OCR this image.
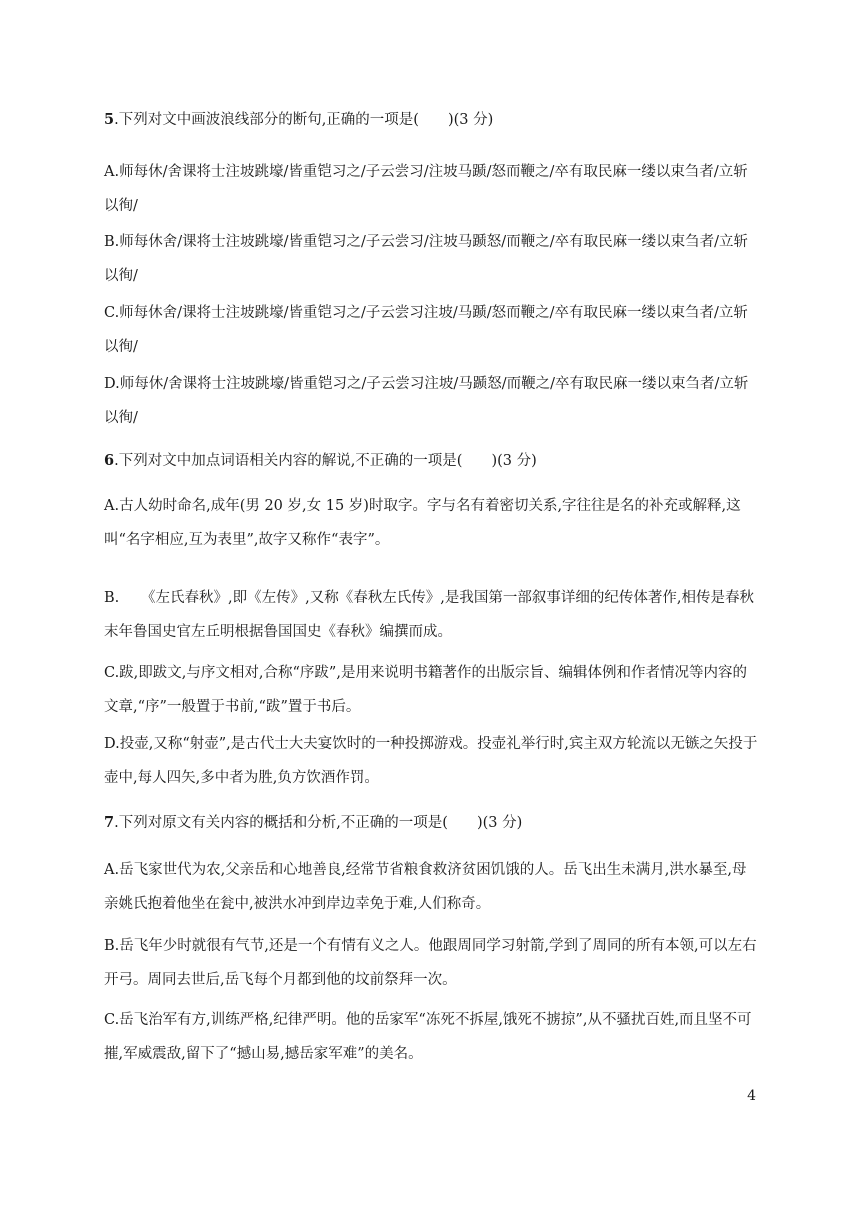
5.下列对文中画波浪线部分的断句,正确的一项是(　　)(3 分)
A.师每休/舍课将士注坡跳壕/皆重铠习之/子云尝习/注坡马踬/怒而鞭之/卒有取民麻一缕以束刍者/立斩以徇/
B.师每休舍/课将士注坡跳壕/皆重铠习之/子云尝习/注坡马踬怒/而鞭之/卒有取民麻一缕以束刍者/立斩以徇/
C.师每休舍/课将士注坡跳壕/皆重铠习之/子云尝习注坡/马踬/怒而鞭之/卒有取民麻一缕以束刍者/立斩以徇/
D.师每休/舍课将士注坡跳壕/皆重铠习之/子云尝习注坡/马踬怒/而鞭之/卒有取民麻一缕以束刍者/立斩以徇/
6.下列对文中加点词语相关内容的解说,不正确的一项是(　　)(3 分)
A.古人幼时命名,成年(男 20 岁,女 15 岁)时取字。字与名有着密切关系,字往往是名的补充或解释,这叫“名字相应,互为表里”,故字又称作“表字”。
B.　　《左氏春秋》,即《左传》,又称《春秋左氏传》,是我国第一部叙事详细的纪传体著作,相传是春秋末年鲁国史官左丘明根据鲁国国史《春秋》编撰而成。
C.跋,即跋文,与序文相对,合称“序跋”,是用来说明书籍著作的出版宗旨、编辑体例和作者情况等内容的文章,“序”一般置于书前,“跋”置于书后。
D.投壶,又称“射壶”,是古代士大夫宴饮时的一种投掷游戏。投壶礼举行时,宾主双方轮流以无镞之矢投于壶中,每人四矢,多中者为胜,负方饮酒作罚。
7.下列对原文有关内容的概括和分析,不正确的一项是(　　)(3 分)
A.岳飞家世代为农,父亲岳和心地善良,经常节省粮食救济贫困饥饿的人。岳飞出生未满月,洪水暴至,母亲姚氏抱着他坐在瓮中,被洪水冲到岸边幸免于难,人们称奇。
B.岳飞年少时就很有气节,还是一个有情有义之人。他跟周同学习射箭,学到了周同的所有本领,可以左右开弓。周同去世后,岳飞每个月都到他的坟前祭拜一次。
C.岳飞治军有方,训练严格,纪律严明。他的岳家军“冻死不拆屋,饿死不掳掠”,从不骚扰百姓,而且坚不可摧,军威震敌,留下了“撼山易,撼岳家军难”的美名。
4
